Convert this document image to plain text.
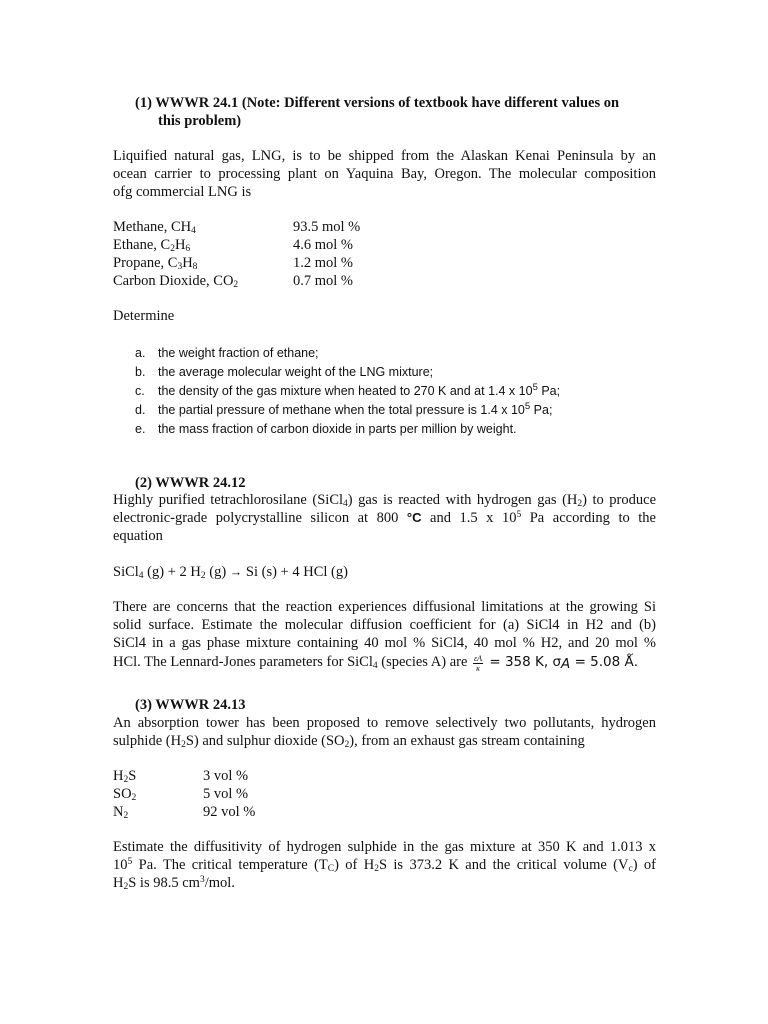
(1) WWWR 24.1 (Note: Different versions of textbook have different values on
this problem)
Liquified natural gas, LNG, is to be shipped from the Alaskan Kenai Peninsula by an
ocean carrier to processing plant on Yaquina Bay, Oregon. The molecular composition
ofg commercial LNG is
Methane, $CH_4$	93.5 mol %
Ethane, $C_2H_6$	4.6 mol %
Propane, $C_3H_8$	1.2 mol %
Carbon Dioxide, $CO_2$	0.7 mol %
Determine
a. the weight fraction of ethane;
b. the average molecular weight of the LNG mixture;
c. the density of the gas mixture when heated to 270 K and at 1.4 x $10^5$ Pa;
d. the partial pressure of methane when the total pressure is 1.4 x $10^5$ Pa;
e. the mass fraction of carbon dioxide in parts per million by weight.
(2) WWWR 24.12
Highly purified tetrachlorosilane (SiCl$_4$) gas is reacted with hydrogen gas $(H_2)$ to produce
electronic-grade polycrystalline silicon at 800 °C and 1.5 x $10^5$ Pa according to the
equation
SiCl$_4$ (g) + 2 $H_2$ (g) → Si (s) + 4 HCl (g)
There are concerns that the reaction experiences diffusional limitations at the growing Si
solid surface. Estimate the molecular diffusion coefficient for (a) SiCl4 in H2 and (b)
SiCl4 in a gas phase mixture containing 40 mol % SiCl4, 40 mol % H2, and 20 mol %
HCl. The Lennard-Jones parameters for SiCl$_4$ (species A) are $\frac{\varepsilon A}{\kappa} = 358$ K, $\sigma_A = 5.08$ Ǻ.
(3) WWWR 24.13
An absorption tower has been proposed to remove selectively two pollutants, hydrogen
sulphide $(H_2S)$ and sulphur dioxide $(SO_2)$, from an exhaust gas stream containing
$H_2S$	3 vol %
$SO_2$	5 vol %
$N_2$	92 vol %
Estimate the diffusitivity of hydrogen sulphide in the gas mixture at 350 K and 1.013 x
$10^5$ Pa. The critical temperature $(T_C)$ of $H_2S$ is 373.2 K and the critical volume $(V_c)$ of
$H_2S$ is 98.5 $cm^3$/mol.
